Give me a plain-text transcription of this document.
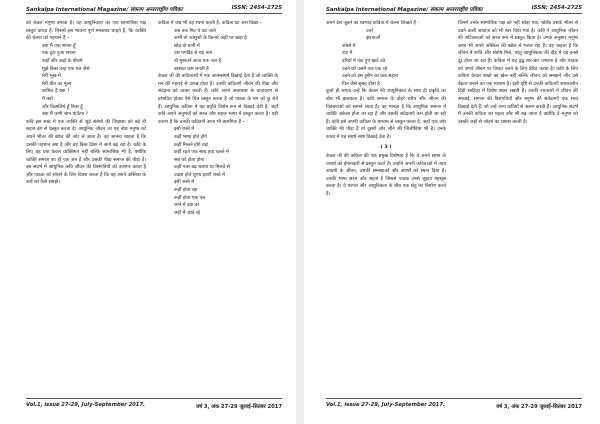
Sankalpa International Magazine/ संकल्प अन्तरराष्ट्रीय पत्रिका	ISSN: 2454-2725

को केवल मनुष्य बनाता है। वह आधुनिकता का एक सामाजिक पक्ष प्रस्तुत करता है, जिसमें इस भावना पूर्ण मनस्तत्व चाहते हैं, कि व्यक्ति की चेतना को पहचाने हैं –

क्या मैं एक सपना हूँ

एक टूटा हुआ सपना

कहाँ और कहाँ के बीचमें

मुझे किस तरह एक पल जैसे

मेरी भूख में

मेरी प्रीत का मूल्य

शामिल है क्या ?

मैं क्यों

और किसलिये हूँ किस हूँ

क्या मैं कभी जान पाऊँगा ?

कवि इस शब्द में एक व्यक्ति से जुड़े संबंधों की जिज्ञासा को बड़े ही सहज ढंग से प्रस्तुत करता है। आधुनिक जीवन का यह बोध मनुष्य को अपने भीतर की खोज की ओर ले जाता है। वह जानना चाहता है कि उसकी पहचान क्या है और वह किस दिशा में आगे बढ़ रहा है। कवि के लिए यह प्रश्न केवल व्यक्तिगत नहीं बल्कि सामाजिक भी है, क्योंकि व्यक्ति समाज का ही एक अंग है और उसकी पीड़ा समाज की पीड़ा है। इस संदर्भ में आधुनिक कवि जीवन की विसंगतियों को उजागर करता है और पाठक को सोचने के लिए विवश करता है कि वह अपने अस्तित्व के अर्थ को कैसे समझे।

कविता में जब भी वह रचना करती है, कविता का अंश दिखा –

अब तक मिट ये उठ जाते

अभी तो आंसुओं के किनारे कहीं पर खड़ा है

छोड़ दो पानी में

उस पगडिंड से यह नाम

तो मुस्कानें आज एक जल है

बरसात कम लगती है

केवल जी की कविताओं में एक आत्मसंघर्ष दिखाई देता है जो व्यक्ति के मन की गहराई से उत्पन्न होता है। उनकी कविताएँ जीवन की पीड़ा और संवेदना को व्यक्त करती हैं। कवि अपने आसपास के वातावरण से प्रभावित होकर ऐसे चित्र प्रस्तुत करता है जो पाठक के मन को छू लेते हैं। आधुनिक कविता में यह प्रवृत्ति विशेष रूप से दिखाई देती है, जहाँ कवि अपने अनुभवों को सरल और सहज भाषा में प्रस्तुत करता है। यही कारण है कि उनकी कविताएँ आज भी प्रासंगिक हैं –

इसी रास्ते में

कहीं भाषा होते होंगे

कहीं मिलते होंगे वहां

कहीं रहते एक साथ हवा चलते में

सब को होता होगा

कहीं पास बढ़ चलता था मिलते से

उदास होते चुप्पा हवाएँ रास्ते में

इसी रास्ते में

कहीं होता रहा

कहीं होता एक पल

जाने में हवा दर

जहाँ मैं जाते रहे

Vol.1, issue 27-29, July-September 2017.	वर्ष 3, अंक 27-29 जुलाई-सितंबर 2017
Sankalpa International Magazine/ संकल्प अन्तरराष्ट्रीय पत्रिका	ISSN: 2454-2725

अपने देश जुड़ने का स्वभाव कविता में चेतना लिखते हैं –

उतरे

झरनाओं

ओसों में

टाट में

दरियों में एक हुए खारे उठे

उड़ने को उसमें एक एक रहे

उड़ने को इस हुसैन का कब सहारा

फिर जैसे सुबह होता है

कुर्ता ही लगता उन्हें कि केवल की आधुनिकता के साथ ही प्रकृति का बोध भी झलकता है। कवि समाज के दोहरे चरित्र और जीवन की विडंबनाओं को सामने लाता है। वह मानता है कि आधुनिक समाज में व्यक्ति अकेला होता जा रहा है और उसकी संवेदनाएँ कम होती जा रही हैं। कवि इसे अपनी कविता के माध्यम से प्रस्तुत करता है, जहाँ एक ओर व्यक्ति की पीड़ा है तो दूसरी ओर जीने की जिजीविषा भी है। उनके काव्य में यह संघर्ष स्पष्ट दिखाई देता है।

( 3 )

केवल जी की कविता की एक प्रमुख विशेषता है कि वे अपने समय के यथार्थ को ईमानदारी से प्रस्तुत करते हैं। उन्होंने अपनी कविताओं में आम आदमी के जीवन, उसकी समस्याओं और संघर्षों को स्थान दिया है। उनकी भाषा सरल और सहज है जिससे पाठक उनसे जुड़ाव महसूस करता है। वे परंपरा और आधुनिकता के बीच एक सेतु का निर्माण करते हैं।

जिनमें उनके सामाजिक पक्ष को नहीं छोड़ा गया, बल्कि उसके भीतर से उठने वाली आवाज़ को भी स्वर दिया गया है। कवि ने आधुनिक जीवन की जटिलताओं को सरल रूप में प्रस्तुत किया है। उनके अनुसार मनुष्य आज भी अपने अस्तित्व की खोज में भटक रहा है। वह चाहता है कि जीवन में शांति और संतोष मिले, परंतु आधुनिकता की दौड़ में वह इनसे दूर होता जा रहा है। कविता में यह द्वंद्व बार-बार उभरता है और पाठक को अपने जीवन पर विचार करने के लिए प्रेरित करता है। कवि के लिए कविता केवल शब्दों का खेल नहीं बल्कि जीवन को समझने और उसे बेहतर बनाने का एक माध्यम है। इसी दृष्टि से उनकी कविताएँ समकालीन हिंदी साहित्य में विशेष स्थान रखती हैं। उनकी रचनाओं में जीवन की सच्चाई, समाज की विसंगतियाँ और मनुष्य की संवेदनाएँ एक साथ दिखाई देती हैं, जो उन्हें अन्य कवियों से अलग करती हैं। आधुनिक संदर्भ में उनकी कविता का महत्व और भी बढ़ जाता है क्योंकि वे मनुष्य को उसकी जड़ों से जोड़ने का प्रयास करती हैं।

Vol.1, issue 27-29, July-September 2017.	वर्ष 3, अंक 27-29 जुलाई-सितंबर 2017
